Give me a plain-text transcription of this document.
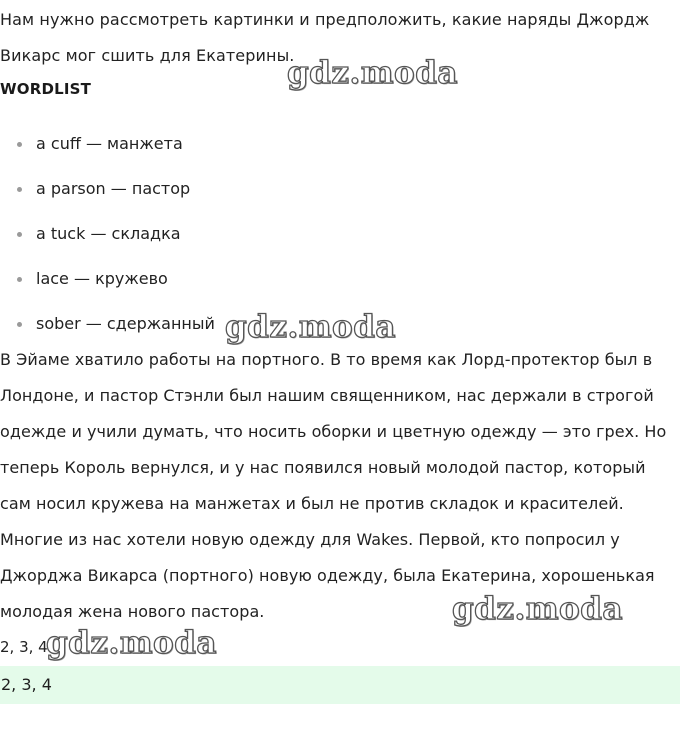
Нам нужно рассмотреть картинки и предположить, какие наряды Джордж Викарс мог сшить для Екатерины.
WORDLIST
a cuff — манжета
a parson — пастор
a tuck — складка
lace — кружево
sober — сдержанный
В Эйаме хватило работы на портного. В то время как Лорд-протектор был в Лондоне, и пастор Стэнли был нашим священником, нас держали в строгой одежде и учили думать, что носить оборки и цветную одежду — это грех. Но теперь Король вернулся, и у нас появился новый молодой пастор, который сам носил кружева на манжетах и был не против складок и красителей. Многие из нас хотели новую одежду для Wakes. Первой, кто попросил у Джорджа Викарса (портного) новую одежду, была Екатерина, хорошенькая молодая жена нового пастора.
2, 3, 4
2, 3, 4
gdz.moda
gdz.moda
gdz.moda
gdz.moda
